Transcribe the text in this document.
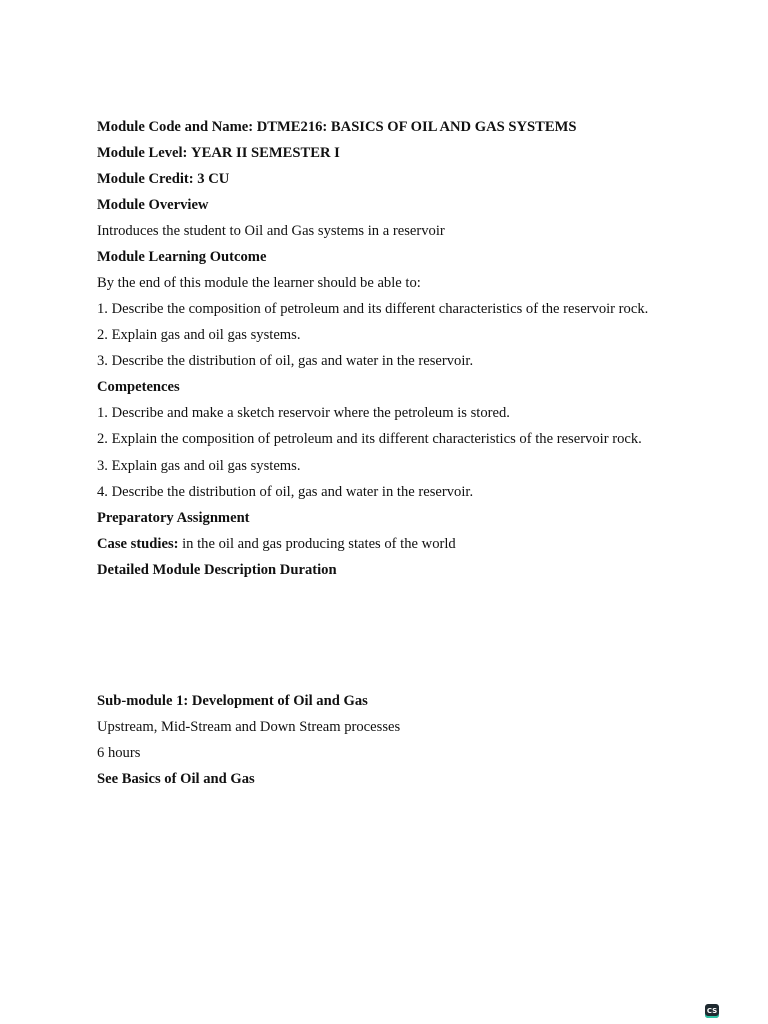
Module Code and Name: DTME216: BASICS OF OIL AND GAS SYSTEMS
Module Level: YEAR II SEMESTER I
Module Credit: 3 CU
Module Overview
Introduces the student to Oil and Gas systems in a reservoir
Module Learning Outcome
By the end of this module the learner should be able to:
1. Describe the composition of petroleum and its different characteristics of the reservoir rock.
2. Explain gas and oil gas systems.
3. Describe the distribution of oil, gas and water in the reservoir.
Competences
1. Describe and make a sketch reservoir where the petroleum is stored.
2. Explain the composition of petroleum and its different characteristics of the reservoir rock.
3. Explain gas and oil gas systems.
4. Describe the distribution of oil, gas and water in the reservoir.
Preparatory Assignment
Case studies: in the oil and gas producing states of the world
Detailed Module Description Duration
Sub-module 1: Development of Oil and Gas
Upstream, Mid-Stream and Down Stream processes
6 hours
See Basics of Oil and Gas
CS
